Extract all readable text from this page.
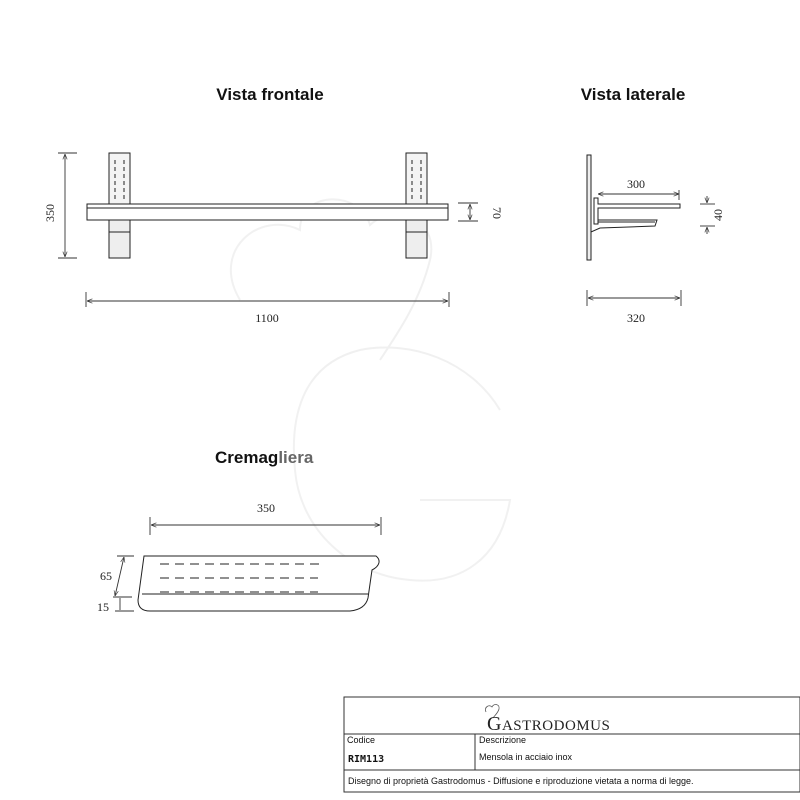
Vista frontale	Vista laterale
Cremagliera
350	70
1100
300
40
320
350
65
15
GASTRODOMUS
Codice
RIM113
Descrizione
Mensola in acciaio inox
Disegno di proprietà Gastrodomus - Diffusione e riproduzione vietata a norma di legge.
